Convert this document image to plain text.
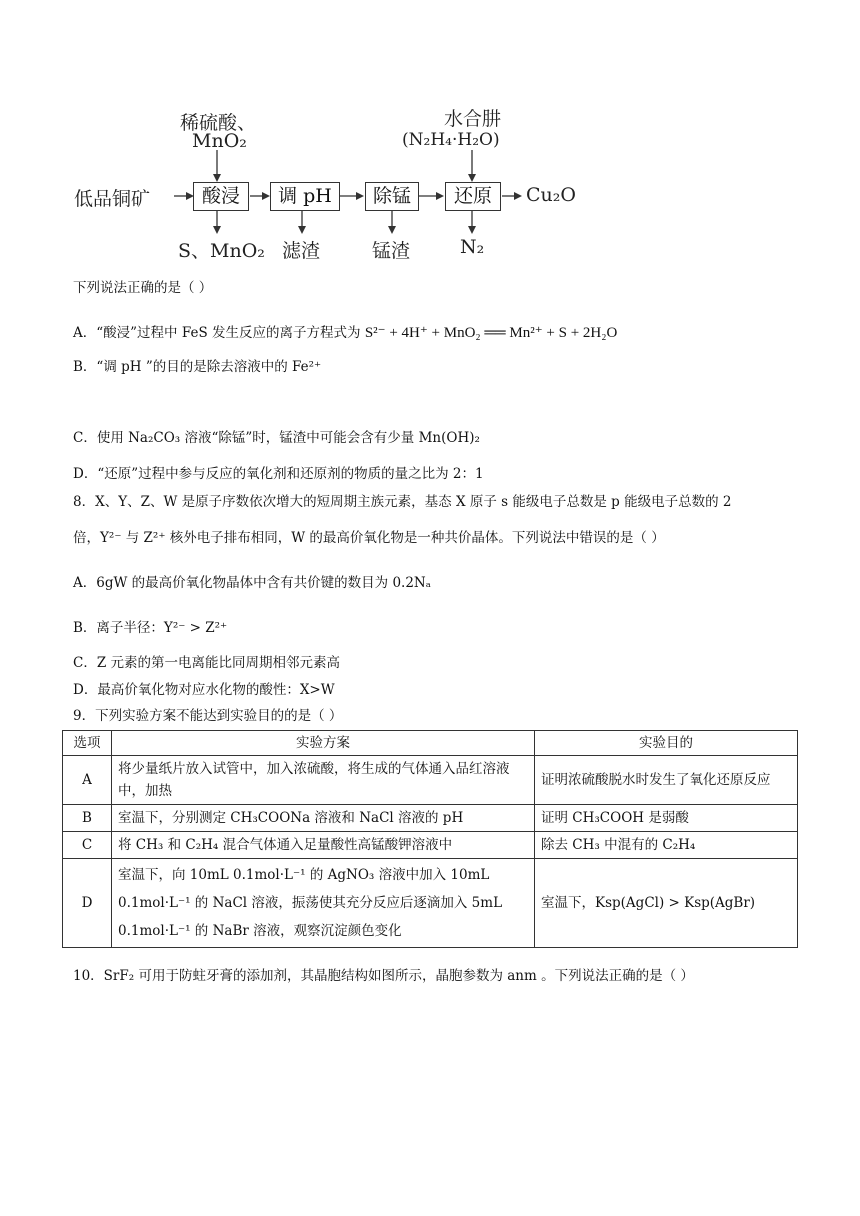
稀硫酸、
MnO₂
水合肼
(N₂H₄·H₂O)
低品铜矿	酸浸	调 pH	除锰	还原	Cu₂O
S、MnO₂ 滤渣	锰渣	N₂
下列说法正确的是（ ）
A．“酸浸”过程中 FeS 发生反应的离子方程式为 S²⁻ + 4H⁺ + MnO₂ ══ Mn²⁺ + S + 2H₂O
B．“调 pH ”的目的是除去溶液中的 Fe²⁺
C．使用 Na₂CO₃ 溶液“除锰”时，锰渣中可能会含有少量 Mn(OH)₂
D．“还原”过程中参与反应的氧化剂和还原剂的物质的量之比为 2：1
8．X、Y、Z、W 是原子序数依次增大的短周期主族元素，基态 X 原子 s 能级电子总数是 p 能级电子总数的 2
倍，Y²⁻ 与 Z²⁺ 核外电子排布相同，W 的最高价氧化物是一种共价晶体。下列说法中错误的是（ ）
A．6gW 的最高价氧化物晶体中含有共价键的数目为 0.2Nₐ
B．离子半径：Y²⁻ > Z²⁺
C．Z 元素的第一电离能比同周期相邻元素高
D．最高价氧化物对应水化物的酸性：X>W
9．下列实验方案不能达到实验目的的是（ ）
选项	实验方案	实验目的
A	将少量纸片放入试管中，加入浓硫酸，将生成的气体通入品红溶液中，加热	证明浓硫酸脱水时发生了氧化还原反应
B	室温下，分别测定 CH₃COONa 溶液和 NaCl 溶液的 pH	证明 CH₃COOH 是弱酸
C	将 CH₃ 和 C₂H₄ 混合气体通入足量酸性高锰酸钾溶液中	除去 CH₃ 中混有的 C₂H₄
D	室温下，向 10mL 0.1mol·L⁻¹ 的 AgNO₃ 溶液中加入 10mL 0.1mol·L⁻¹ 的 NaCl 溶液，振荡使其充分反应后逐滴加入 5mL 0.1mol·L⁻¹ 的 NaBr 溶液，观察沉淀颜色变化	室温下，Ksp(AgCl) > Ksp(AgBr)
10．SrF₂ 可用于防蛀牙膏的添加剂，其晶胞结构如图所示，晶胞参数为 anm 。下列说法正确的是（ ）
